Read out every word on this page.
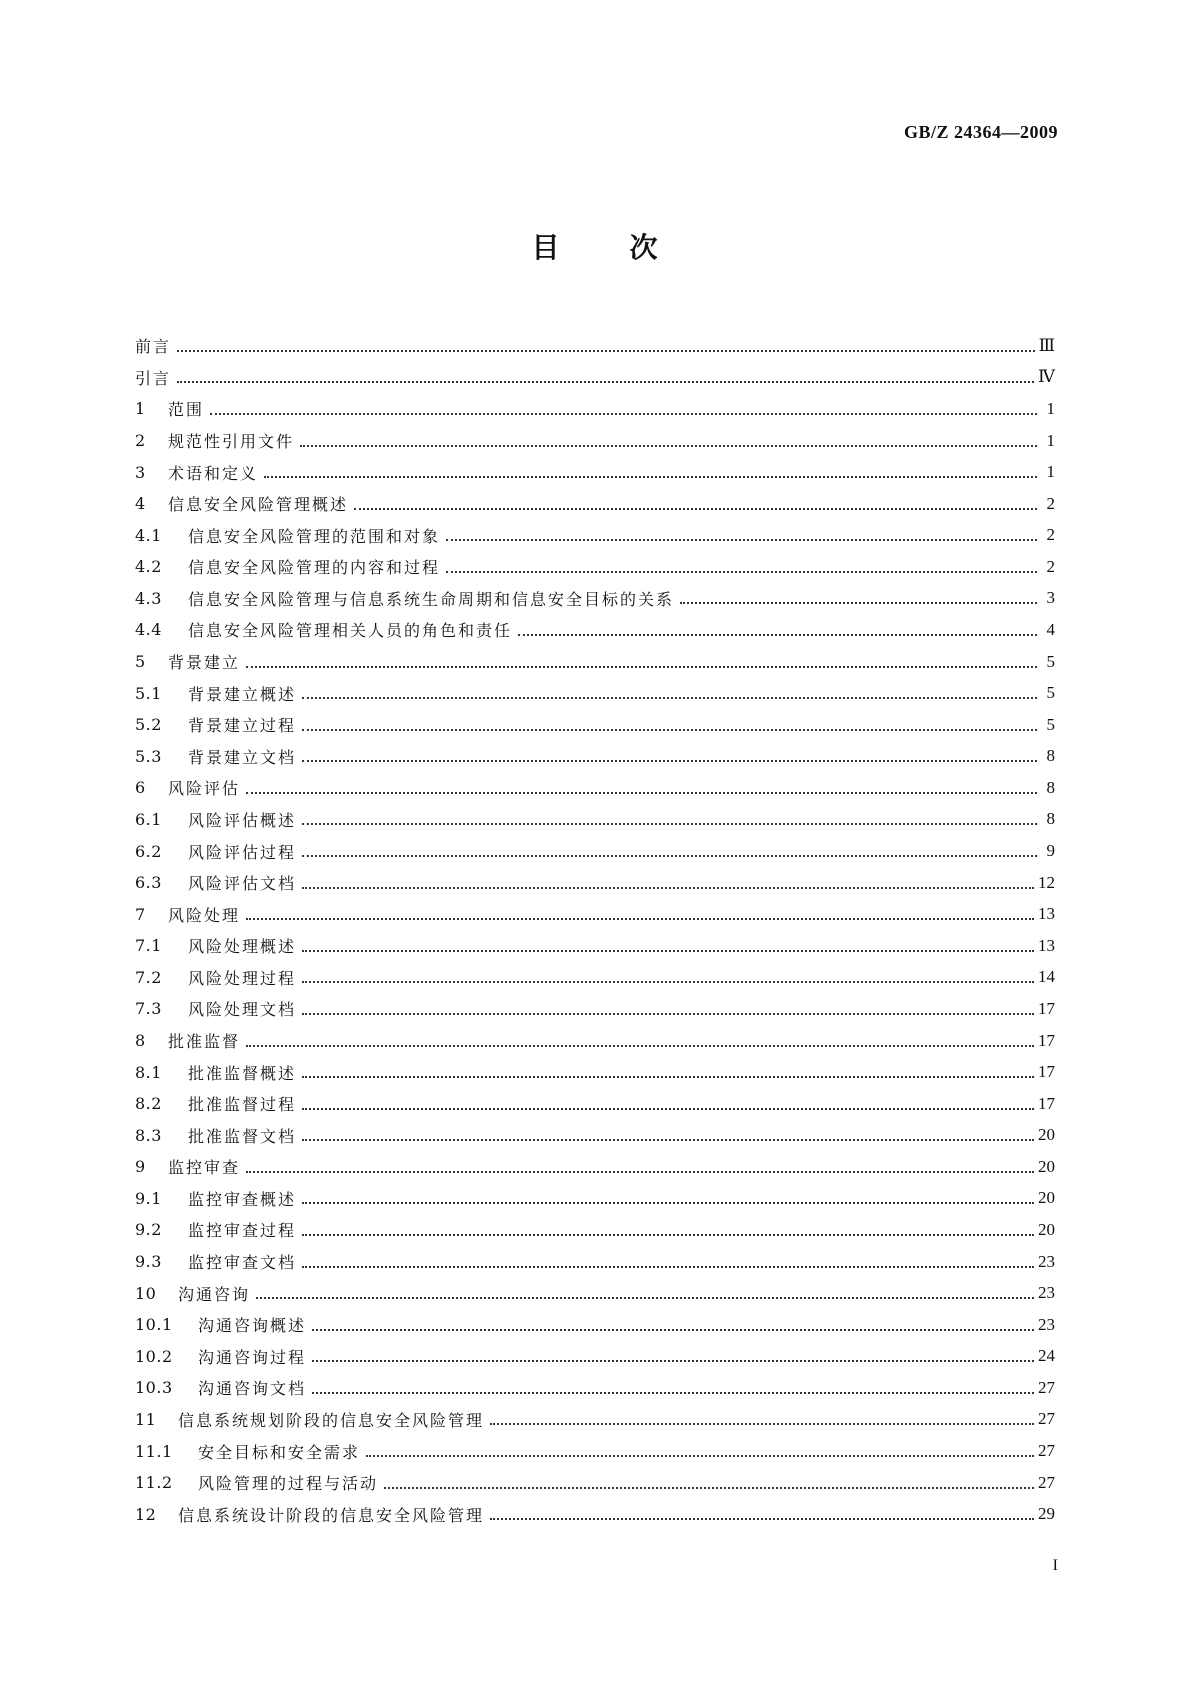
GB/Z 24364—2009
目 次
前言	Ⅲ
引言	Ⅳ
1	范围	1
2	规范性引用文件	1
3	术语和定义	1
4	信息安全风险管理概述	2
4.1	信息安全风险管理的范围和对象	2
4.2	信息安全风险管理的内容和过程	2
4.3	信息安全风险管理与信息系统生命周期和信息安全目标的关系	3
4.4	信息安全风险管理相关人员的角色和责任	4
5	背景建立	5
5.1	背景建立概述	5
5.2	背景建立过程	5
5.3	背景建立文档	8
6	风险评估	8
6.1	风险评估概述	8
6.2	风险评估过程	9
6.3	风险评估文档	12
7	风险处理	13
7.1	风险处理概述	13
7.2	风险处理过程	14
7.3	风险处理文档	17
8	批准监督	17
8.1	批准监督概述	17
8.2	批准监督过程	17
8.3	批准监督文档	20
9	监控审查	20
9.1	监控审查概述	20
9.2	监控审查过程	20
9.3	监控审查文档	23
10	沟通咨询	23
10.1	沟通咨询概述	23
10.2	沟通咨询过程	24
10.3	沟通咨询文档	27
11	信息系统规划阶段的信息安全风险管理	27
11.1	安全目标和安全需求	27
11.2	风险管理的过程与活动	27
12	信息系统设计阶段的信息安全风险管理	29
I
